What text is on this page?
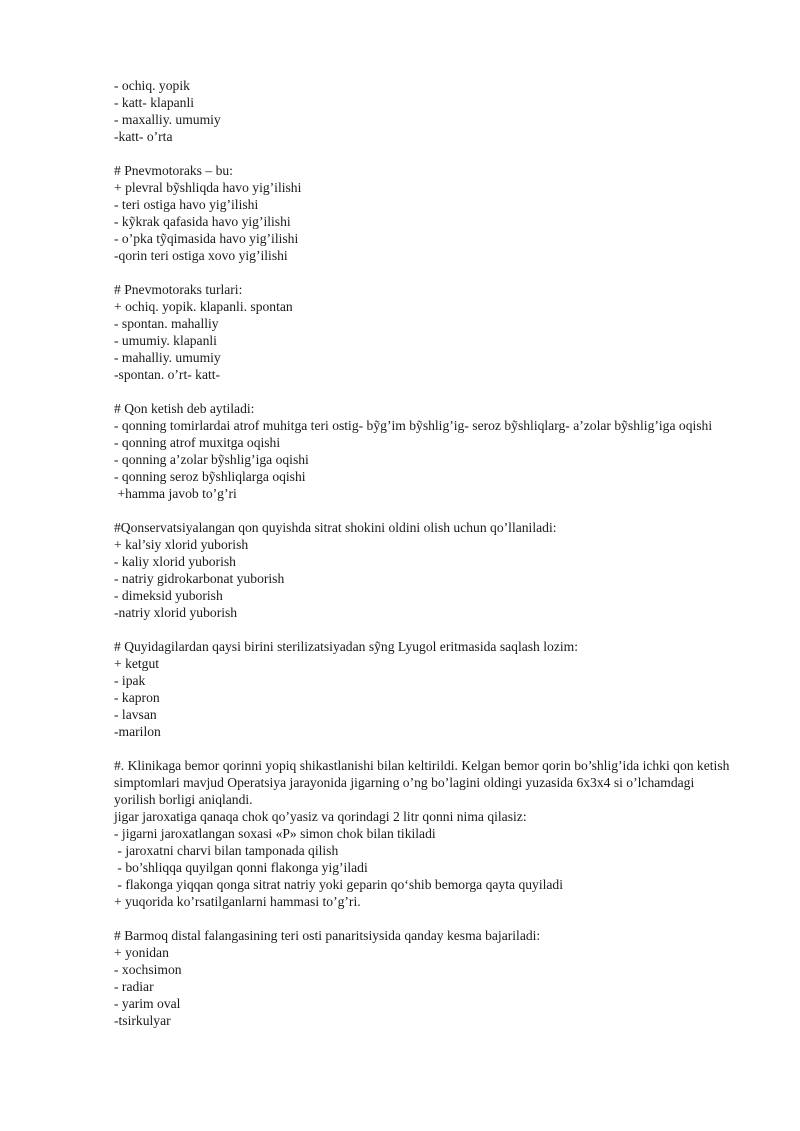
- ochiq. yopik
- katt- klapanli
- maxalliy. umumiy
-katt- o’rta
# Pnevmotoraks – bu:
+ plevral bỹshliqda havo yig’ilishi
- teri ostiga havo yig’ilishi
- kỹkrak qafasida havo yig’ilishi
- o’pka tỹqimasida havo yig’ilishi
-qorin teri ostiga xovo yig’ilishi
# Pnevmotoraks turlari:
+ ochiq. yopik. klapanli. spontan
- spontan. mahalliy
- umumiy. klapanli
- mahalliy. umumiy
-spontan. o’rt- katt-
# Qon ketish deb aytiladi:
- qonning tomirlardai atrof muhitga teri ostig- bỹg’im bỹshlig’ig- seroz bỹshliqlarg- a’zolar bỹshlig’iga oqishi
- qonning atrof muxitga oqishi
- qonning a’zolar bỹshlig’iga oqishi
- qonning seroz bỹshliqlarga oqishi
+hamma javob to’g’ri
#Qonservatsiyalangan qon quyishda sitrat shokini oldini olish uchun qo’llaniladi:
+ kal’siy xlorid yuborish
- kaliy xlorid yuborish
- natriy gidrokarbonat yuborish
- dimeksid yuborish
-natriy xlorid yuborish
# Quyidagilardan qaysi birini sterilizatsiyadan sỹng Lyugol eritmasida saqlash lozim:
+ ketgut
- ipak
- kapron
- lavsan
-marilon
#. Klinikaga bemor qorinni yopiq shikastlanishi bilan keltirildi. Kelgan bemor qorin bo’shlig’ida ichki qon ketish simptomlari mavjud Operatsiya jarayonida jigarning o’ng bo’lagini oldingi yuzasida 6x3x4 si o’lchamdagi yorilish borligi aniqlandi.
jigar jaroxatiga qanaqa chok qo’yasiz va qorindagi 2 litr qonni nima qilasiz:
- jigarni jaroxatlangan soxasi «P» simon chok bilan tikiladi
- jaroxatni charvi bilan tamponada qilish
- bo’shliqqa quyilgan qonni flakonga yig’iladi
- flakonga yiqqan qonga sitrat natriy yoki geparin qo‘shib bemorga qayta quyiladi
+ yuqorida ko’rsatilganlarni hammasi to’g’ri.
# Barmoq distal falangasining teri osti panaritsiysida qanday kesma bajariladi:
+ yonidan
- xochsimon
- radiar
- yarim oval
-tsirkulyar
